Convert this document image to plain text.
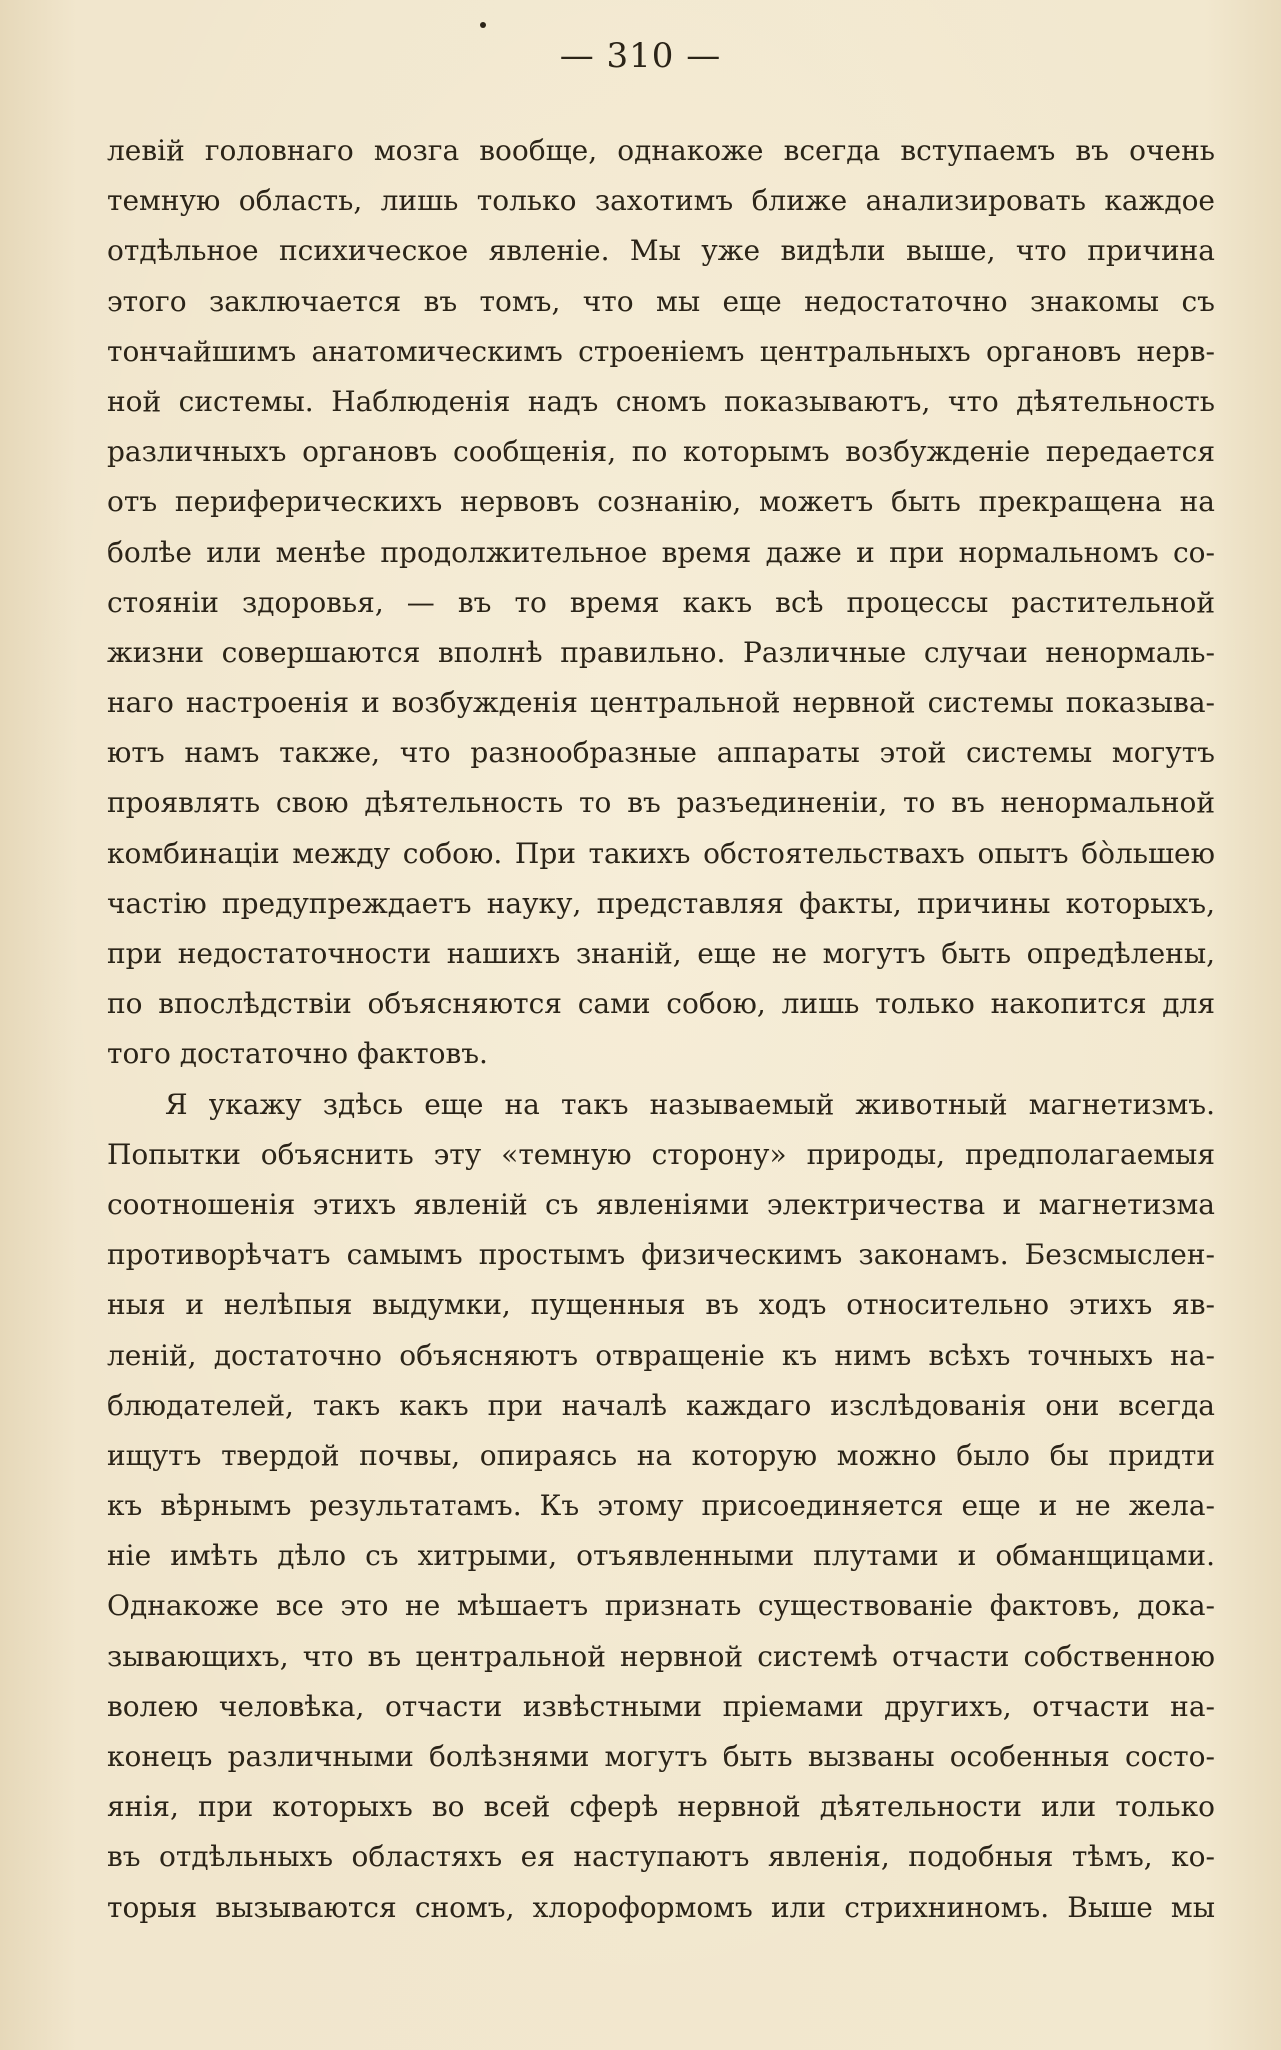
— 310 —
левій головнаго мозга вообще, однакоже всегда вступаемъ въ очень
темную область, лишь только захотимъ ближе анализировать каждое
отдѣльное психическое явленіе. Мы уже видѣли выше, что причина
этого заключается въ томъ, что мы еще недостаточно знакомы съ
тончайшимъ анатомическимъ строеніемъ центральныхъ органовъ нерв-
ной системы. Наблюденія надъ сномъ показываютъ, что дѣятельность
различныхъ органовъ сообщенія, по которымъ возбужденіе передается
отъ периферическихъ нервовъ сознанію, можетъ быть прекращена на
болѣе или менѣе продолжительное время даже и при нормальномъ со-
стояніи здоровья, — въ то время какъ всѣ процессы растительной
жизни совершаются вполнѣ правильно. Различные случаи ненормаль-
наго настроенія и возбужденія центральной нервной системы показыва-
ютъ намъ также, что разнообразные аппараты этой системы могутъ
проявлять свою дѣятельность то въ разъединеніи, то въ ненормальной
комбинаціи между собою. При такихъ обстоятельствахъ опытъ бо̀льшею
частію предупреждаетъ науку, представляя факты, причины которыхъ,
при недостаточности нашихъ знаній, еще не могутъ быть опредѣлены,
по впослѣдствіи объясняются сами собою, лишь только накопится для
того достаточно фактовъ.
Я укажу здѣсь еще на такъ называемый животный магнетизмъ.
Попытки объяснить эту «темную сторону» природы, предполагаемыя
соотношенія этихъ явленій съ явленіями электричества и магнетизма
противорѣчатъ самымъ простымъ физическимъ законамъ. Безсмыслен-
ныя и нелѣпыя выдумки, пущенныя въ ходъ относительно этихъ яв-
леній, достаточно объясняютъ отвращеніе къ нимъ всѣхъ точныхъ на-
блюдателей, такъ какъ при началѣ каждаго изслѣдованія они всегда
ищутъ твердой почвы, опираясь на которую можно было бы придти
къ вѣрнымъ результатамъ. Къ этому присоединяется еще и не жела-
ніе имѣть дѣло съ хитрыми, отъявленными плутами и обманщицами.
Однакоже все это не мѣшаетъ признать существованіе фактовъ, дока-
зывающихъ, что въ центральной нервной системѣ отчасти собственною
волею человѣка, отчасти извѣстными пріемами другихъ, отчасти на-
конецъ различными болѣзнями могутъ быть вызваны особенныя состо-
янія, при которыхъ во всей сферѣ нервной дѣятельности или только
въ отдѣльныхъ областяхъ ея наступаютъ явленія, подобныя тѣмъ, ко-
торыя вызываются сномъ, хлороформомъ или стрихниномъ. Выше мы
